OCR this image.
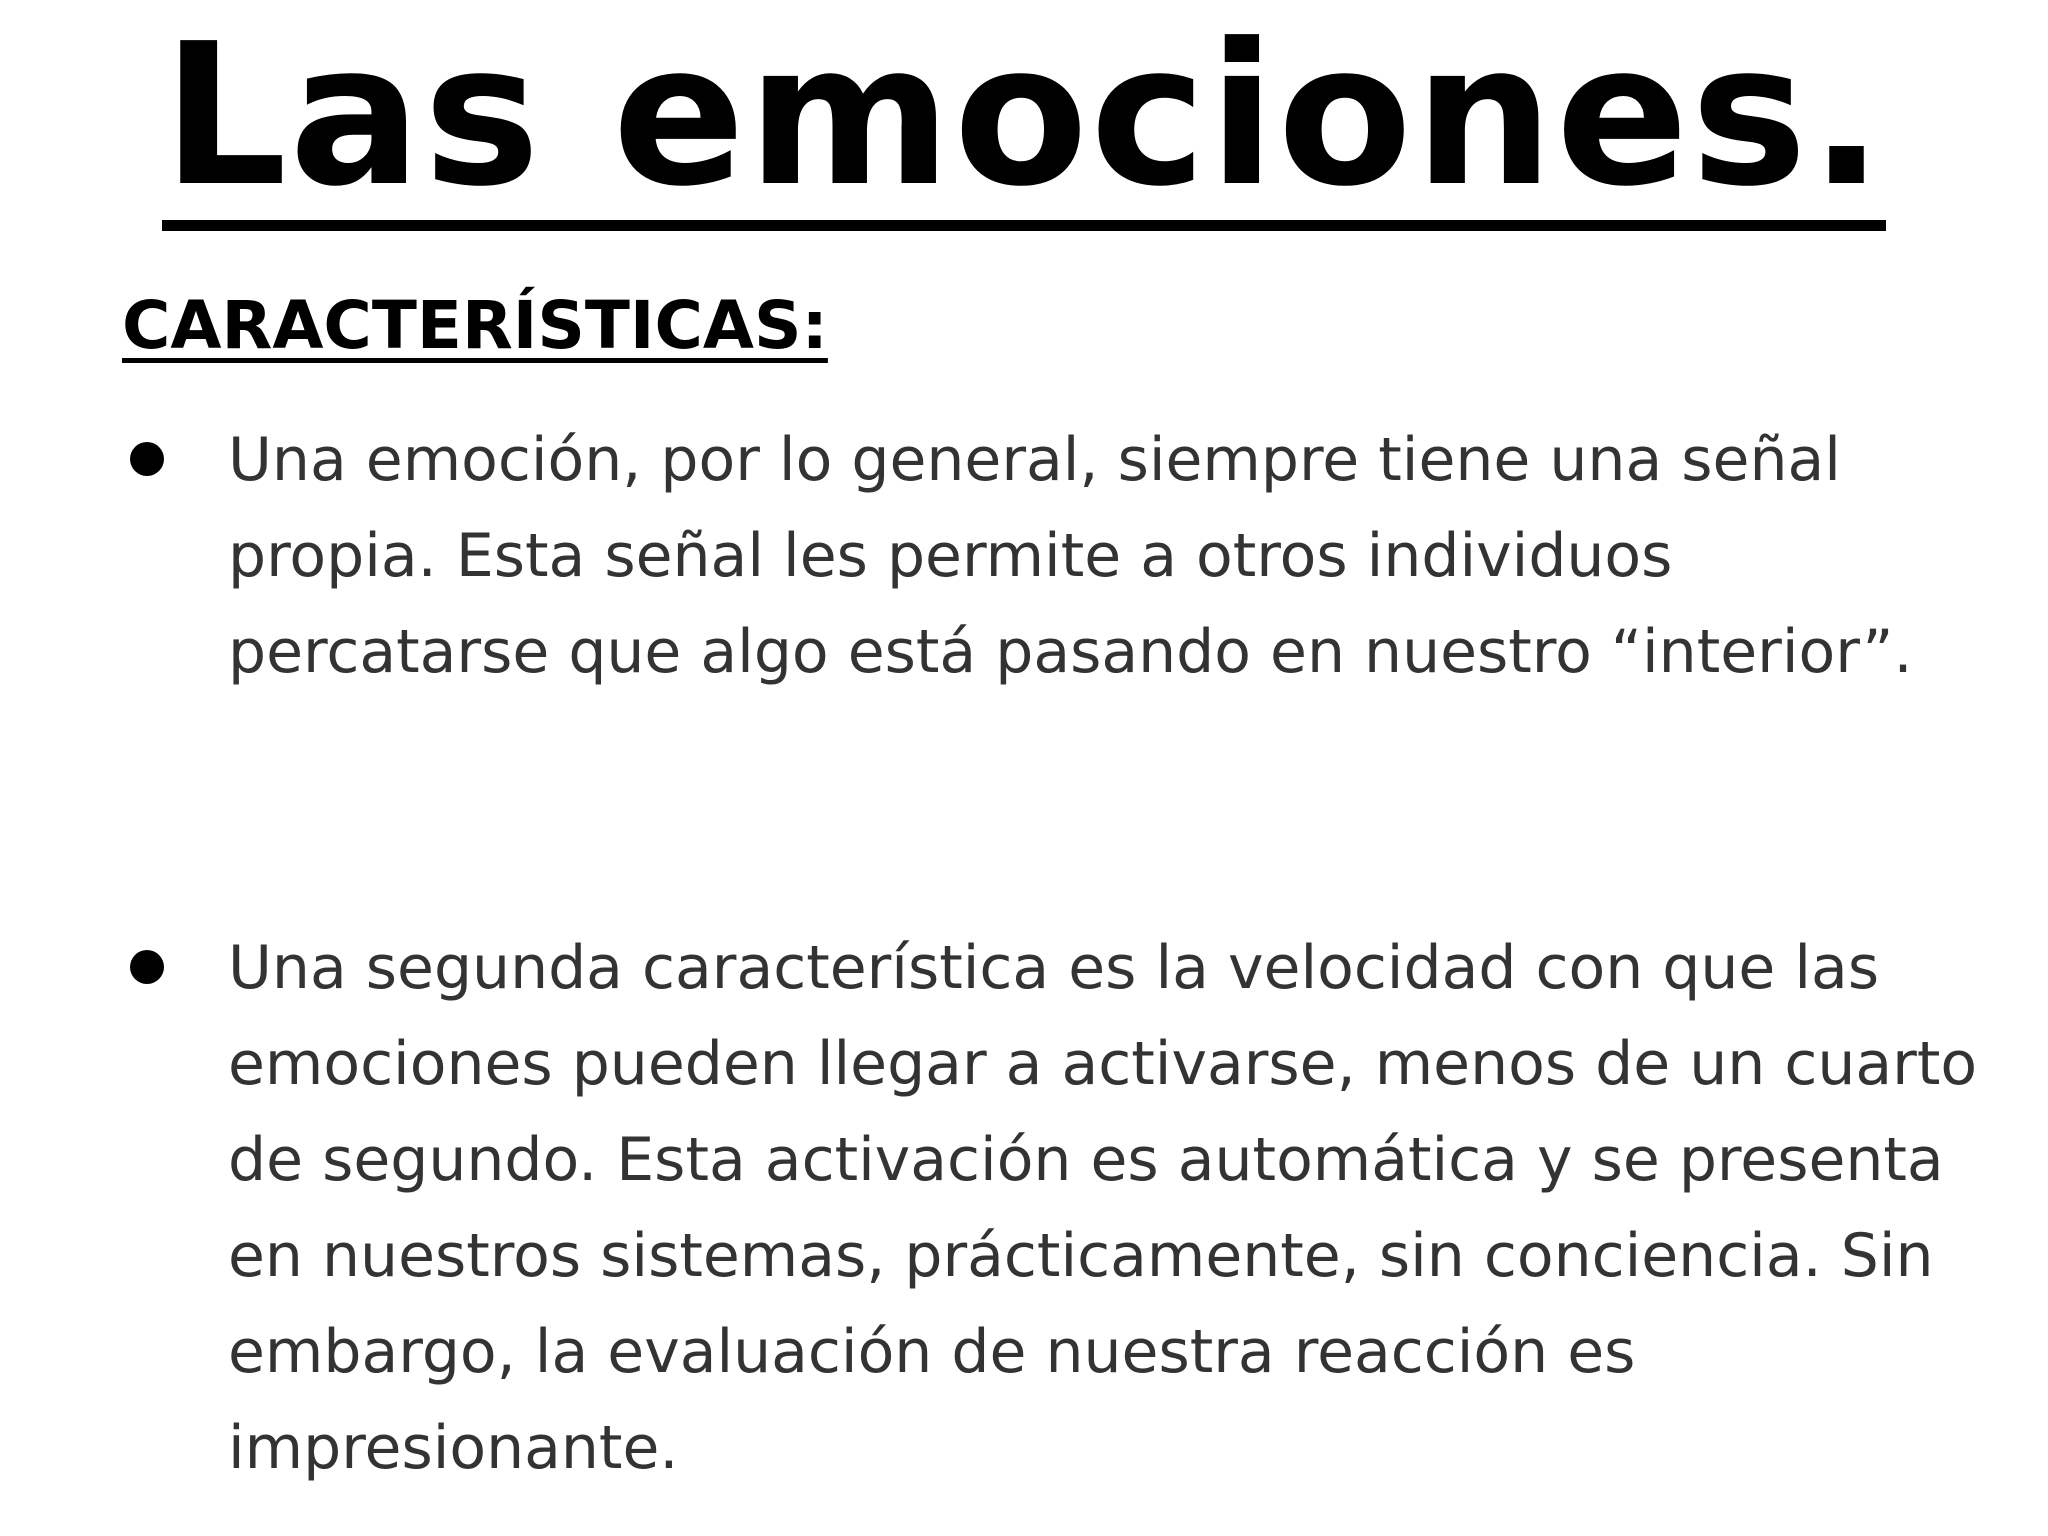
Las emociones.
CARACTERÍSTICAS:

Una emoción, por lo general, siempre tiene una señal propia. Esta señal les permite a otros individuos percatarse que algo está pasando en nuestro “interior”.

Una segunda característica es la velocidad con que las emociones pueden llegar a activarse, menos de un cuarto de segundo. Esta activación es automática y se presenta en nuestros sistemas, prácticamente, sin conciencia. Sin embargo, la evaluación de nuestra reacción es impresionante.
